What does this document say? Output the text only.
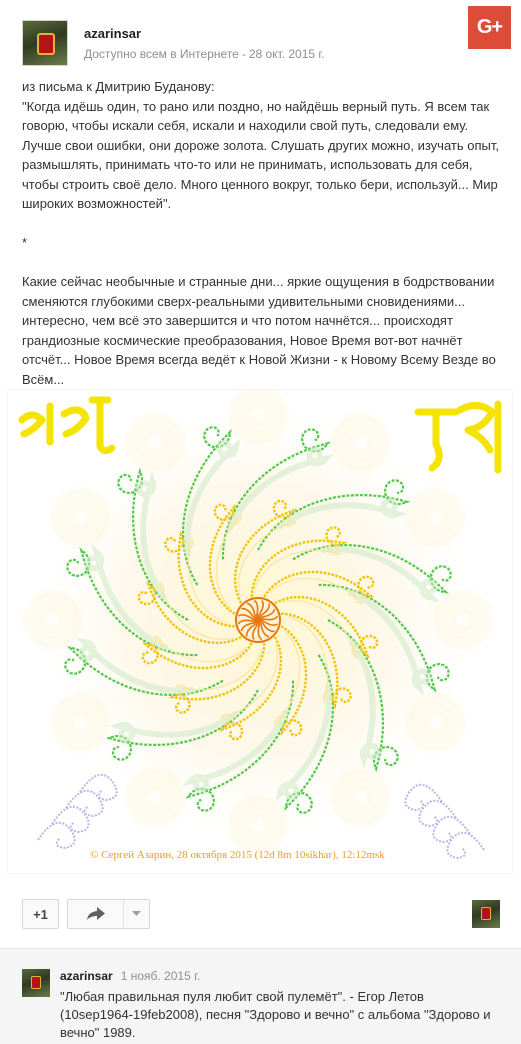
G+
azarinsar
Доступно всем в Интернете - 28 окт. 2015 г.

из письма к Дмитрию Буданову:

"Когда идёшь один, то рано или поздно, но найдёшь верный путь. Я всем так говорю, чтобы искали себя, искали и находили свой путь, следовали ему. Лучше свои ошибки, они дороже золота. Слушать других можно, изучать опыт, размышлять, принимать что-то или не принимать, использовать для себя, чтобы строить своё дело. Много ценного вокруг, только бери, используй... Мир широких возможностей".

*

Какие сейчас необычные и странные дни... яркие ощущения в бодрствовании сменяются глубокими сверх-реальными удивительными сновидениями... интересно, чем всё это завершится и что потом начнётся... происходят грандиозные космические преобразования, Новое Время вот-вот начнёт отсчёт... Новое Время всегда ведёт к Новой Жизни - к Новому Всему Везде во Всём...

© Сергей Азарин, 28 октября 2015 (12d 8m 10sikhar), 12:12msk
+1
azarinsar 1 нояб. 2015 г.
"Любая правильная пуля любит свой пулемёт". - Егор Летов (10sep1964-19feb2008), песня "Здорово и вечно" с альбома "Здорово и вечно" 1989.
